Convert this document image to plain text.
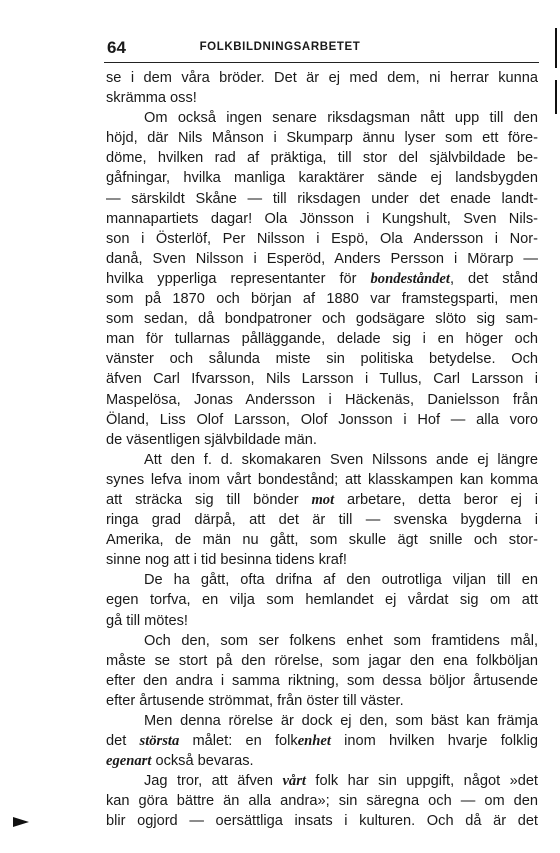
64	FOLKBILDNINGSARBETET
se i dem våra bröder. Det är ej med dem, ni herrar kunna
skrämma oss!
Om också ingen senare riksdagsman nått upp till den
höjd, där Nils Månson i Skumparp ännu lyser som ett före-
döme, hvilken rad af präktiga, till stor del självbildade be-
gåfningar, hvilka manliga karaktärer sände ej landsbygden
— särskildt Skåne — till riksdagen under det enade landt-
mannapartiets dagar! Ola Jönsson i Kungshult, Sven Nils-
son i Österlöf, Per Nilsson i Espö, Ola Andersson i Nor-
danå, Sven Nilsson i Esperöd, Anders Persson i Mörarp —
hvilka ypperliga representanter för bondeståndet, det stånd
som på 1870 och början af 1880 var framstegsparti, men
som sedan, då bondpatroner och godsägare slöto sig sam-
man för tullarnas pålläggande, delade sig i en höger och
vänster och sålunda miste sin politiska betydelse. Och
äfven Carl Ifvarsson, Nils Larsson i Tullus, Carl Larsson i
Maspelösa, Jonas Andersson i Häckenäs, Danielsson från
Öland, Liss Olof Larsson, Olof Jonsson i Hof — alla voro
de väsentligen självbildade män.
Att den f. d. skomakaren Sven Nilssons ande ej längre
synes lefva inom vårt bondestånd; att klasskampen kan komma
att sträcka sig till bönder mot arbetare, detta beror ej i
ringa grad därpå, att det är till — svenska bygderna i
Amerika, de män nu gått, som skulle ägt snille och stor-
sinne nog att i tid besinna tidens kraf!
De ha gått, ofta drifna af den outrotliga viljan till en
egen torfva, en vilja som hemlandet ej vårdat sig om att
gå till mötes!
Och den, som ser folkens enhet som framtidens mål,
måste se stort på den rörelse, som jagar den ena folkböljan
efter den andra i samma riktning, som dessa böljor årtusende
efter årtusende strömmat, från öster till väster.
Men denna rörelse är dock ej den, som bäst kan främja
det största målet: en folkenhet inom hvilken hvarje folklig
egenart också bevaras.
Jag tror, att äfven vårt folk har sin uppgift, något »det
kan göra bättre än alla andra»; sin säregna och — om den
blir ogjord — oersättliga insats i kulturen. Och då är det
